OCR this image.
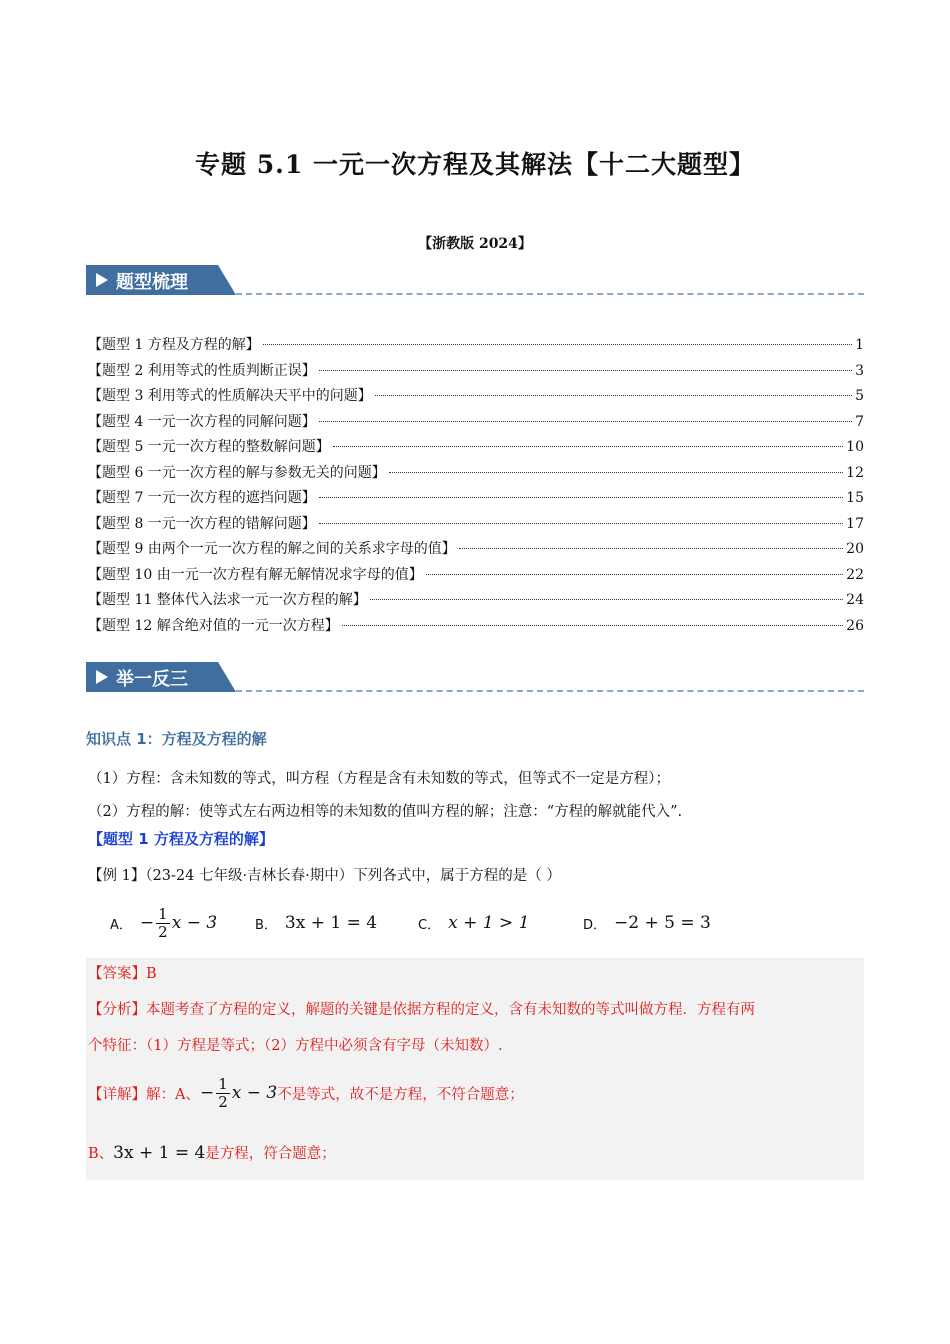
专题 5.1 一元一次方程及其解法【十二大题型】
【浙教版 2024】
题型梳理
【题型 1 方程及方程的解】	1
【题型 2 利用等式的性质判断正误】	3
【题型 3 利用等式的性质解决天平中的问题】	5
【题型 4 一元一次方程的同解问题】	7
【题型 5 一元一次方程的整数解问题】	10
【题型 6 一元一次方程的解与参数无关的问题】	12
【题型 7 一元一次方程的遮挡问题】	15
【题型 8 一元一次方程的错解问题】	17
【题型 9 由两个一元一次方程的解之间的关系求字母的值】	20
【题型 10 由一元一次方程有解无解情况求字母的值】	22
【题型 11 整体代入法求一元一次方程的解】	24
【题型 12 解含绝对值的一元一次方程】	26
举一反三
知识点 1：方程及方程的解
（1）方程：含未知数的等式，叫方程（方程是含有未知数的等式，但等式不一定是方程）；
（2）方程的解：使等式左右两边相等的未知数的值叫方程的解；注意：“方程的解就能代入”.
【题型 1 方程及方程的解】
【例 1】（23-24 七年级·吉林长春·期中）下列各式中，属于方程的是（ ）
A． − $\frac{1}{2}$ x − 3	B． 3x + 1 = 4	C． x + 1 > 1	D． −2 + 5 = 3
【答案】B
【分析】本题考查了方程的定义，解题的关键是依据方程的定义，含有未知数的等式叫做方程．方程有两
个特征：（1）方程是等式；（2）方程中必须含有字母（未知数）.
【详解】 解：A、 − $\frac{1}{2}$ x − 3 不是等式，故不是方程，不符合题意；
B、 3x + 1 = 4 是方程，符合题意；
